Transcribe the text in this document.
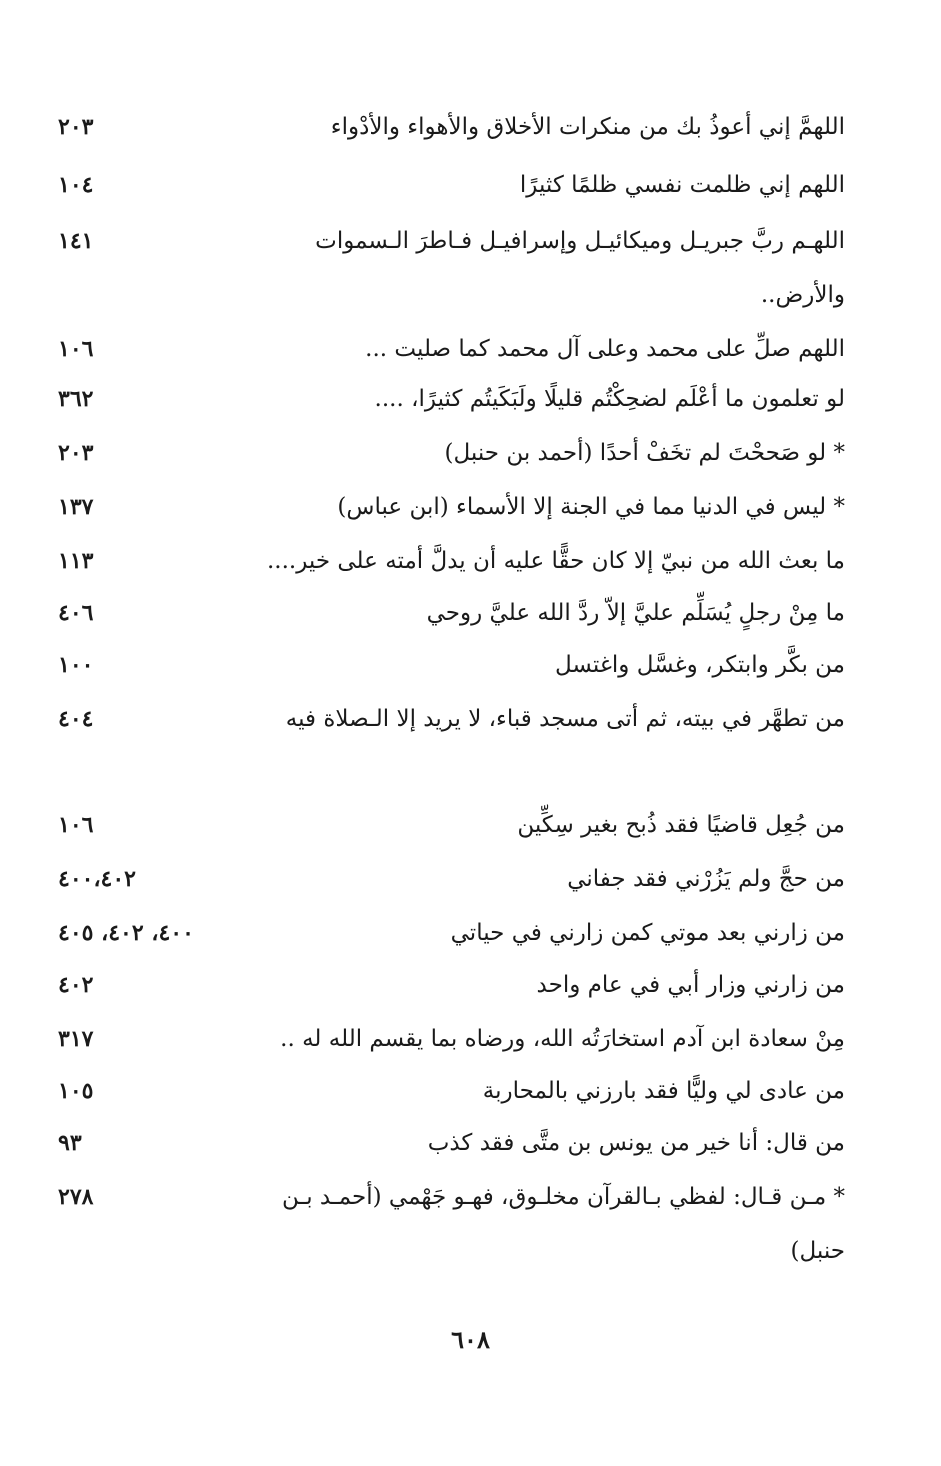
اللهمَّ إني أعوذُ بك من منكرات الأخلاق والأهواء والأدْواء
٢٠٣
اللهم إني ظلمت نفسي ظلمًا كثيرًا
١٠٤
اللهـم ربَّ جبريـل وميكائيـل وإسرافيـل فـاطرَ الـسموات والأرض..
١٤١
اللهم صلِّ على محمد وعلى آل محمد كما صليت ...
١٠٦
لو تعلمون ما أعْلَم لضحِكْتُم قليلًا ولَبَكَيتُم كثيرًا، ....
٣٦٢
* لو صَححْتَ لم تخَفْ أحدًا (أحمد بن حنبل)
٢٠٣
* ليس في الدنيا مما في الجنة إلا الأسماء (ابن عباس)
١٣٧
ما بعث الله من نبيّ إلا كان حقًّا عليه أن يدلَّ أمته على خير....
١١٣
ما مِنْ رجلٍ يُسَلِّم عليَّ إلاّ ردَّ الله عليَّ روحي
٤٠٦
من بكَّر وابتكر، وغسَّل واغتسل
١٠٠
من تطهَّر في بيته، ثم أتى مسجد قباء، لا يريد إلا الـصلاة فيه
٤٠٤
من جُعِل قاضيًا فقد ذُبح بغير سِكِّين
١٠٦
من حجَّ ولم يَزُرْني فقد جفاني
٤٠٠،٤٠٢
من زارني بعد موتي كمن زارني في حياتي
٤٠٠، ٤٠٢، ٤٠٥
من زارني وزار أبي في عام واحد
٤٠٢
مِنْ سعادة ابن آدم استخارَتُه الله، ورضاه بما يقسم الله له ..
٣١٧
من عادى لي وليًّا فقد بارزني بالمحاربة
١٠٥
من قال: أنا خير من يونس بن متَّى فقد كذب
٩٣
* مـن قـال: لفظي بـالقرآن مخلـوق، فهـو جَهْمي (أحمـد بـن حنبل)
٢٧٨
٦٠٨
